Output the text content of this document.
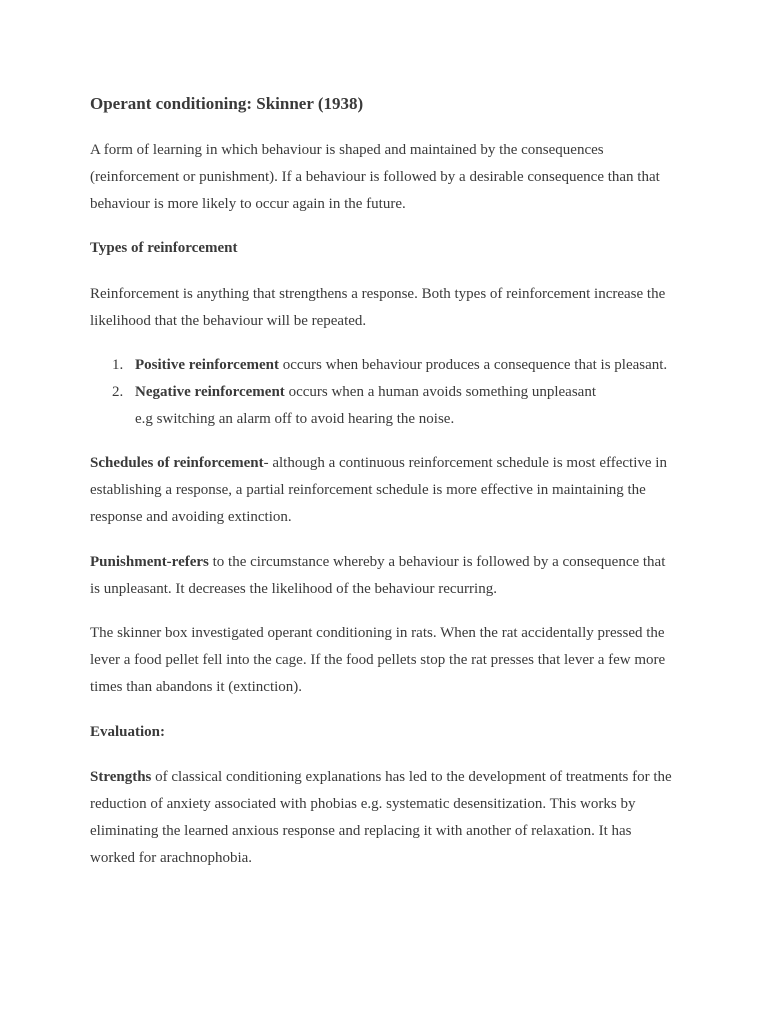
Operant conditioning: Skinner (1938)

A form of learning in which behaviour is shaped and maintained by the consequences
(reinforcement or punishment). If a behaviour is followed by a desirable consequence than that
behaviour is more likely to occur again in the future.

Types of reinforcement

Reinforcement is anything that strengthens a response. Both types of reinforcement increase the
likelihood that the behaviour will be repeated.

1. Positive reinforcement occurs when behaviour produces a consequence that is pleasant.
2. Negative reinforcement occurs when a human avoids something unpleasant
e.g switching an alarm off to avoid hearing the noise.

Schedules of reinforcement- although a continuous reinforcement schedule is most effective in
establishing a response, a partial reinforcement schedule is more effective in maintaining the
response and avoiding extinction.

Punishment-refers to the circumstance whereby a behaviour is followed by a consequence that
is unpleasant. It decreases the likelihood of the behaviour recurring.

The skinner box investigated operant conditioning in rats. When the rat accidentally pressed the
lever a food pellet fell into the cage. If the food pellets stop the rat presses that lever a few more
times than abandons it (extinction).

Evaluation:

Strengths of classical conditioning explanations has led to the development of treatments for the
reduction of anxiety associated with phobias e.g. systematic desensitization. This works by
eliminating the learned anxious response and replacing it with another of relaxation. It has
worked for arachnophobia.
